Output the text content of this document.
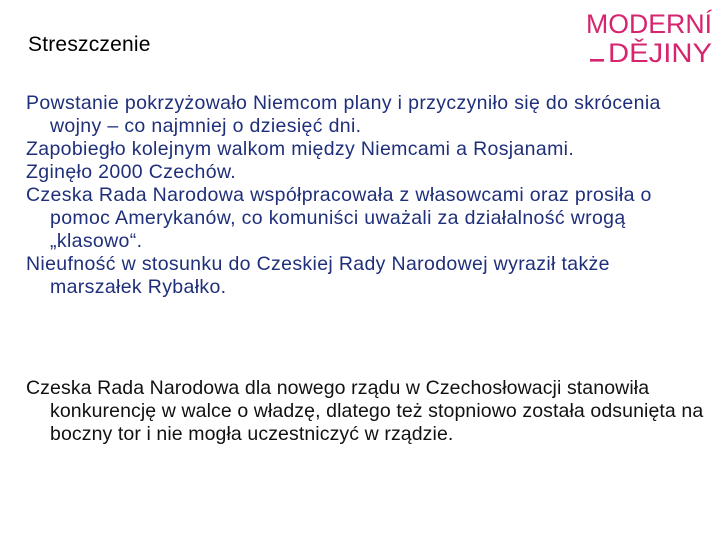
MODERNÍ
DĚJINY
Streszczenie
Powstanie pokrzyżowało Niemcom plany i przyczyniło się do skrócenia wojny – co najmniej o dziesięć dni.
Zapobiegło kolejnym walkom między Niemcami a Rosjanami.
Zginęło 2000 Czechów.
Czeska Rada Narodowa współpracowała z własowcami oraz prosiła o pomoc Amerykanów, co komuniści uważali za działalność wrogą „klasowo“.
Nieufność w stosunku do Czeskiej Rady Narodowej wyraził także marszałek Rybałko.
Czeska Rada Narodowa dla nowego rządu w Czechosłowacji stanowiła konkurencję w walce o władzę, dlatego też stopniowo została odsunięta na boczny tor i nie mogła uczestniczyć w rządzie.
